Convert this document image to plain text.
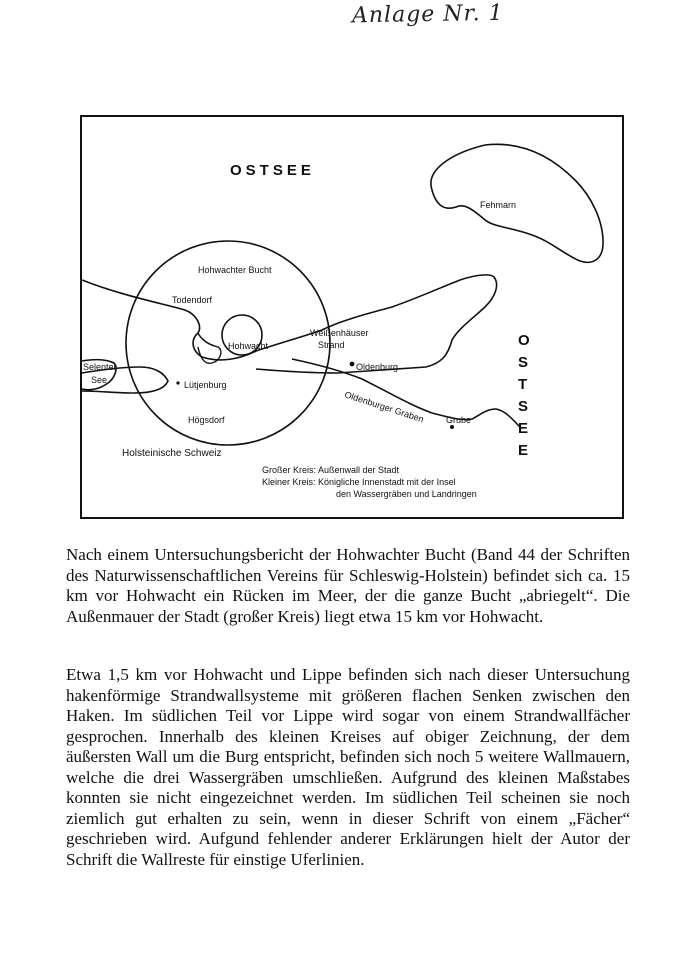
Anlage Nr. 1
OSTSEE
O
S
T
S
E
E
Fehmarn
Hohwachter Bucht
Todendorf
Hohwacht
Weißenhäuser
Strand
Oldenburg
Selenter
See	Lütjenburg
Oldenburger Graben
Högsdorf	Grube
Holsteinische Schweiz
Großer Kreis: Außenwall der Stadt
Kleiner Kreis: Königliche Innenstadt mit der Insel
den Wassergräben und Landringen

Nach einem Untersuchungsbericht der Hohwachter Bucht (Band 44 der Schriften des Naturwissenschaftlichen Vereins für Schleswig-Holstein) befindet sich ca. 15 km vor Hohwacht ein Rücken im Meer, der die ganze Bucht „abriegelt“. Die Außenmauer der Stadt (großer Kreis) liegt etwa 15 km vor Hohwacht.

Etwa 1,5 km vor Hohwacht und Lippe befinden sich nach dieser Untersuchung hakenförmige Strandwallsysteme mit größeren flachen Senken zwischen den Haken. Im südlichen Teil vor Lippe wird sogar von einem Strandwallfächer gesprochen. Innerhalb des kleinen Kreises auf obiger Zeichnung, der dem äußersten Wall um die Burg entspricht, befinden sich noch 5 weitere Wallmauern, welche die drei Wassergräben umschließen. Aufgrund des kleinen Maßstabes konnten sie nicht eingezeichnet werden. Im südlichen Teil scheinen sie noch ziemlich gut erhalten zu sein, wenn in dieser Schrift von einem „Fächer“ geschrieben wird. Aufgund fehlender anderer Erklärungen hielt der Autor der Schrift die Wallreste für einstige Uferlinien.
